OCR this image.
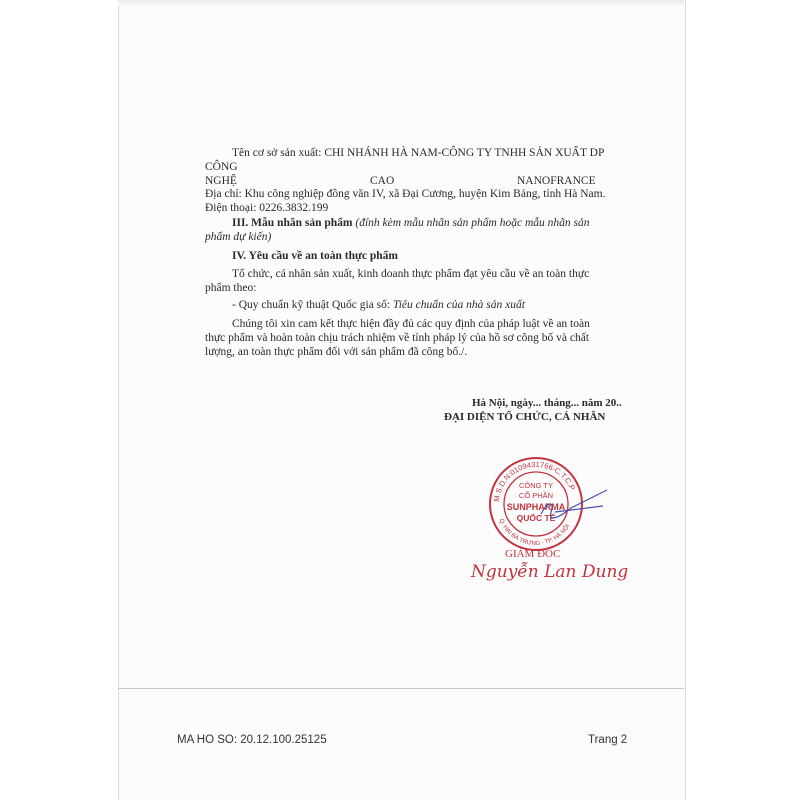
Tên cơ sở sản xuất: CHI NHÁNH HÀ NAM-CÔNG TY TNHH SẢN XUẤT DP
CÔNG
NGHỆ	CAO	NANOFRANCE
Địa chỉ: Khu công nghiệp đồng văn IV, xã Đại Cương, huyện Kim Bảng, tỉnh Hà Nam.
Điện thoại: 0226.3832.199
III. Mẫu nhãn sản phẩm (đính kèm mẫu nhãn sản phẩm hoặc mẫu nhãn sản
phẩm dự kiến)
IV. Yêu cầu về an toàn thực phẩm
Tổ chức, cá nhân sản xuất, kinh doanh thực phẩm đạt yêu cầu về an toàn thực
phẩm theo:
- Quy chuẩn kỹ thuật Quốc gia số: Tiêu chuẩn của nhà sản xuất
Chúng tôi xin cam kết thực hiện đầy đủ các quy định của pháp luật về an toàn
thực phẩm và hoàn toàn chịu trách nhiệm về tính pháp lý của hồ sơ công bố và chất
lượng, an toàn thực phẩm đối với sản phẩm đã công bố./.
Hà Nội, ngày... tháng... năm 20..
ĐẠI DIỆN TỔ CHỨC, CÁ NHÂN
M.S.D.N:0109431766-C.T.C.P
Q. HAI BÀ TRƯNG - TP. HÀ NỘI
CÔNG TY
CỔ PHẦN
SUNPHARMA
QUỐC TẾ
GIÁM ĐỐC
Nguyễn Lan Dung
MA HO SO: 20.12.100.25125	Trang 2
